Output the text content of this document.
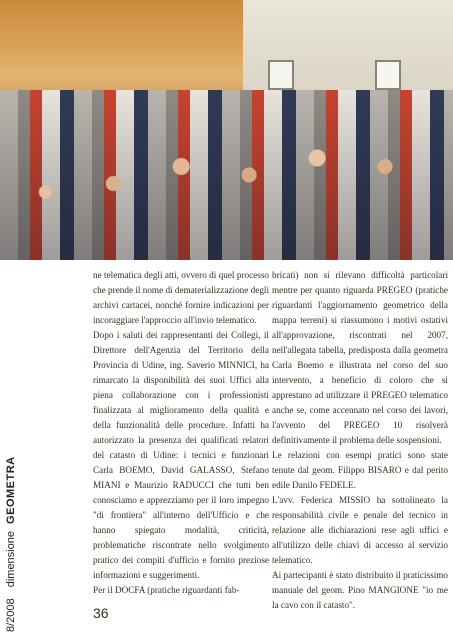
8/2008 dimensione GEOMETRA

ne telematica degli atti, ovvero di quel processo che prende il nome di dematerializzazione degli archivi cartacei, nonché fornire indicazioni per incoraggiare l'approccio all'invio telematico.

Dopo i saluti dei rappresentanti dei Collegi, il Direttore dell'Agenzia del Territorio della Provincia di Udine, ing. Saverio MINNICI, ha rimarcato la disponibilità dei suoi Uffici alla piena collaborazione con i professionisti finalizzata al miglioramento della qualità e della funzionalità delle procedure. Infatti ha autorizzato la presenza dei qualificati relatori del catasto di Udine: i tecnici e funzionari Carla BOEMO, David GALASSO, Stefano MIANI e Maurizio RADUCCI che tutti ben conosciamo e apprezziamo per il loro impegno "di frontiera" all'interno dell'Ufficio e che hanno spiegato modalità, criticità, problematiche riscontrate nello svolgimento pratico dei compiti d'ufficio e fornito preziose informazioni e suggerimenti.

Per il DOCFA (pratiche riguardanti fab-

bricati) non si rilevano difficoltà particolari mentre per quanto riguarda PREGEO (pratiche riguardanti l'aggiornamento geometrico della mappa terreni) si riassumono i motivi ostativi all'approvazione, riscontrati nel 2007, nell'allegata tabella, predisposta dalla geometra Carla Boemo e illustrata nel corso del suo intervento, a beneficio di coloro che si apprestano ad utilizzare il PREGEO telematico anche se, come accennato nel corso dei lavori, l'avvento del PREGEO 10 risolverà definitivamente il problema delle sospensioni.

Le relazioni con esempi pratici sono state tenute dal geom. Filippo BISARO e dal perito edile Danilo FEDELE.

L'avv. Federica MISSIO ha sottolineato la responsabilità civile e penale del tecnico in relazione alle dichiarazioni rese agli uffici e all'utilizzo delle chiavi di accesso al servizio telematico.

Ai partecipanti è stato distribuito il praticissimo manuale del geom. Pino MANGIONE "io me la cavo con il catasto".

36
